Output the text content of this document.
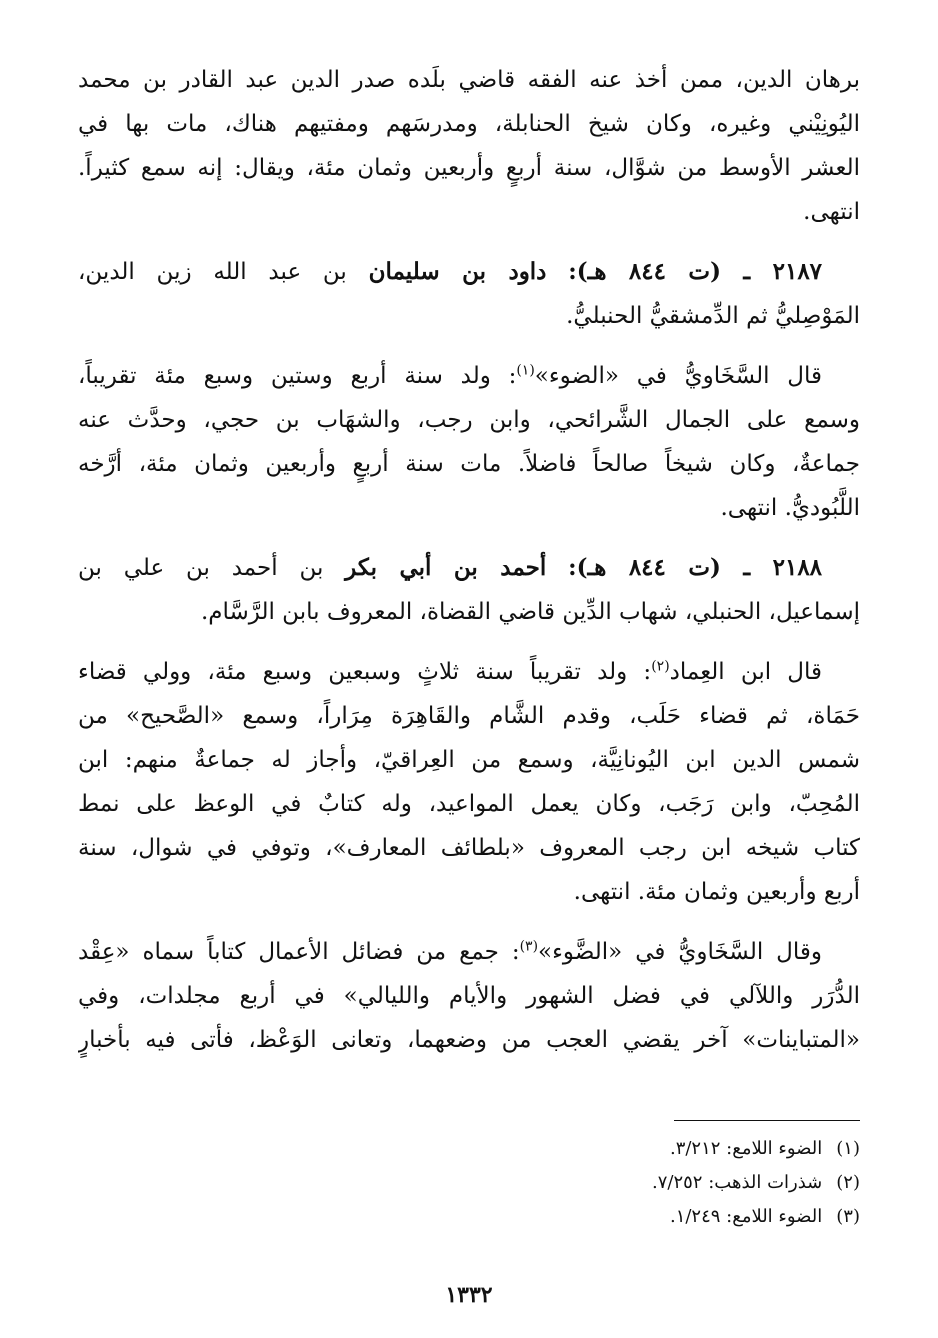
برهان الدين، ممن أخذ عنه الفقه قاضي بلَده صدر الدين عبد القادر بن محمد
اليُونِيْني وغيره، وكان شيخ الحنابلة، ومدرسَهم ومفتيهم هناك، مات بها في
العشر الأوسط من شوَّال، سنة أربعٍ وأربعين وثمان مئة، ويقال: إنه سمع كثيراً.
انتهى.
٢١٨٧ ـ (ت ٨٤٤ هـ): داود بن سليمان بن عبد الله زين الدين،
المَوْصِليُّ ثم الدِّمشقيُّ الحنبليُّ.
قال السَّخَاويُّ في «الضوء»$^{(١)}$: ولد سنة أربع وستين وسبع مئة تقريباً،
وسمع على الجمال الشَّرائحي، وابن رجب، والشهَاب بن حجي، وحدَّث عنه
جماعةٌ، وكان شيخاً صالحاً فاضلاً. مات سنة أربعٍ وأربعين وثمان مئة، أرَّخه
اللَّبُوديُّ. انتهى.
٢١٨٨ ـ (ت ٨٤٤ هـ): أحمد بن أبي بكر بن أحمد بن علي بن
إسماعيل، الحنبلي، شهاب الدِّين قاضي القضاة، المعروف بابن الرَّسَّام.
قال ابن العِماد$^{(٢)}$: ولد تقريباً سنة ثلاثٍ وسبعين وسبع مئة، وولي قضاء
حَمَاة، ثم قضاء حَلَب، وقدم الشَّام والقَاهِرَة مِرَاراً، وسمع «الصَّحيح» من
شمس الدين ابن اليُونانِيَّة، وسمع من العِراقيّ، وأجاز له جماعةٌ منهم: ابن
المُحِبّ، وابن رَجَب، وكان يعمل المواعيد، وله كتابٌ في الوعظ على نمط
كتاب شيخه ابن رجب المعروف «بلطائف المعارف»، وتوفي في شوال، سنة
أربع وأربعين وثمان مئة. انتهى.
وقال السَّخَاويُّ في «الضَّوء»$^{(٣)}$: جمع من فضائل الأعمال كتاباً سماه «عِقْد
الدُّرَر واللآلي في فضل الشهور والأيام والليالي» في أربع مجلدات، وفي
«المتباينات» آخر يقضي العجب من وضعهما، وتعانى الوَعْظ، فأتى فيه بأخبارٍ
(١)الضوء اللامع: ٣/٢١٢.
(٢)شذرات الذهب: ٧/٢٥٢.
(٣)الضوء اللامع: ١/٢٤٩.
١٣٣٢
